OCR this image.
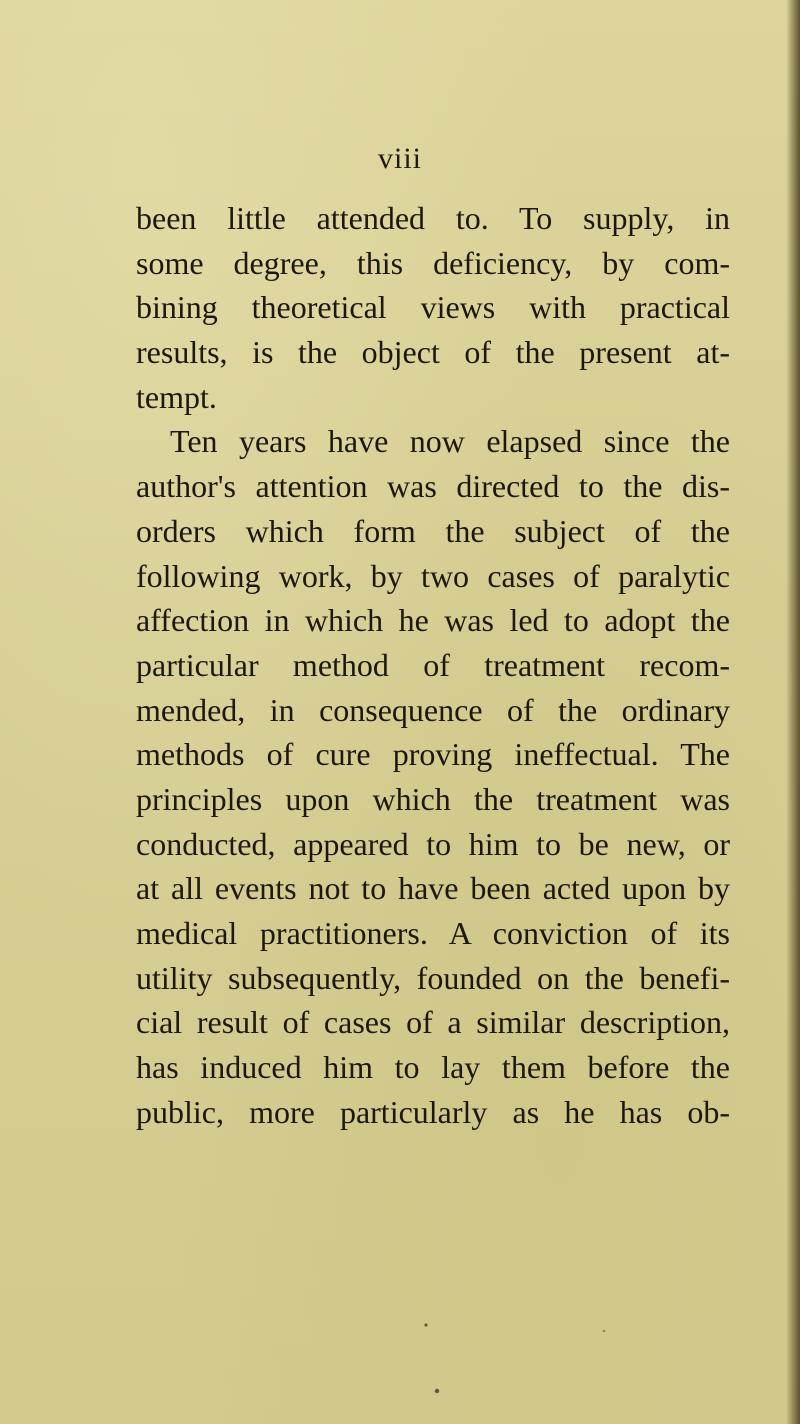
viii
been little attended to. To supply, in
some degree, this deficiency, by com-
bining theoretical views with practical
results, is the object of the present at-
tempt.
Ten years have now elapsed since the
author's attention was directed to the dis-
orders which form the subject of the
following work, by two cases of paralytic
affection in which he was led to adopt the
particular method of treatment recom-
mended, in consequence of the ordinary
methods of cure proving ineffectual. The
principles upon which the treatment was
conducted, appeared to him to be new, or
at all events not to have been acted upon by
medical practitioners. A conviction of its
utility subsequently, founded on the benefi-
cial result of cases of a similar description,
has induced him to lay them before the
public, more particularly as he has ob-
